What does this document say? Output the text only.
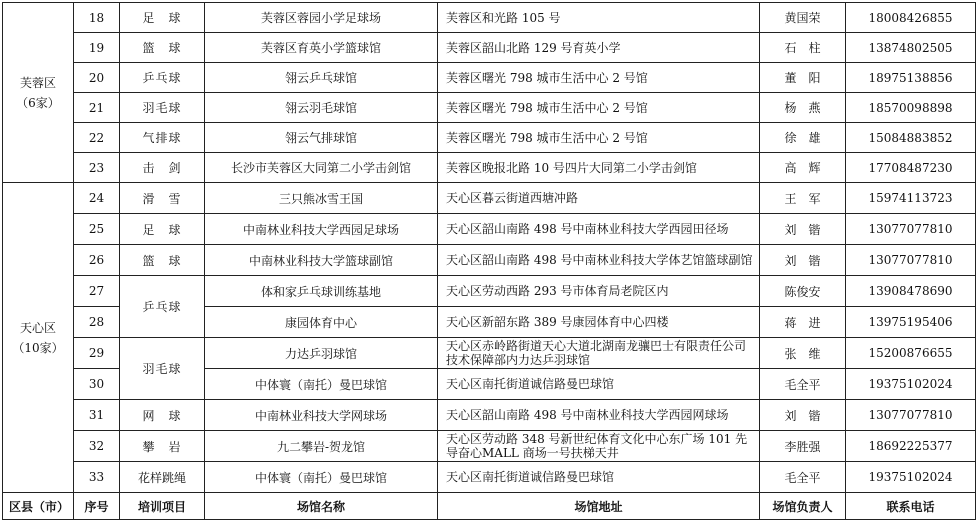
芙蓉区
（6家）	18	足　球	芙蓉区蓉园小学足球场	芙蓉区和光路 105 号	黄国荣	18008426855
	19	篮　球	芙蓉区育英小学篮球馆	芙蓉区韶山北路 129 号育英小学	石　柱	13874802505
	20	乒乓球	翎云乒乓球馆	芙蓉区曙光 798 城市生活中心 2 号馆	董　阳	18975138856
	21	羽毛球	翎云羽毛球馆	芙蓉区曙光 798 城市生活中心 2 号馆	杨　燕	18570098898
	22	气排球	翎云气排球馆	芙蓉区曙光 798 城市生活中心 2 号馆	徐　雄	15084883852
	23	击　剑	长沙市芙蓉区大同第二小学击剑馆	芙蓉区晚报北路 10 号四片大同第二小学击剑馆	高　辉	17708487230

天心区
（10家）	24	滑　雪	三只熊冰雪王国	天心区暮云街道西塘冲路	王　军	15974113723
	25	足　球	中南林业科技大学西园足球场	天心区韶山南路 498 号中南林业科技大学西园田径场	刘　锴	13077077810
	26	篮　球	中南林业科技大学篮球副馆	天心区韶山南路 498 号中南林业科技大学体艺馆篮球副馆	刘　锴	13077077810
	27	乒乓球	体和家乒乓球训练基地	天心区劳动西路 293 号市体育局老院区内	陈俊安	13908478690
	28		康园体育中心	天心区新韶东路 389 号康园体育中心四楼	蒋　进	13975195406
	29	羽毛球	力达乒羽球馆	天心区赤岭路街道天心大道北湖南龙骧巴士有限责任公司技术保障部内力达乒羽球馆	张　维	15200876655
	30		中体寰（南托）曼巴球馆	天心区南托街道诚信路曼巴球馆	毛全平	19375102024
	31	网　球	中南林业科技大学网球场	天心区韶山南路 498 号中南林业科技大学西园网球场	刘　锴	13077077810
	32	攀　岩	九二攀岩-贺龙馆	天心区劳动路 348 号新世纪体育文化中心东广场 101 先导奋心MALL 商场一号扶梯天井	李胜强	18692225377
	33	花样跳绳	中体寰（南托）曼巴球馆	天心区南托街道诚信路曼巴球馆	毛全平	19375102024
区县（市）	序号	培训项目	场馆名称	场馆地址	场馆负责人	联系电话
